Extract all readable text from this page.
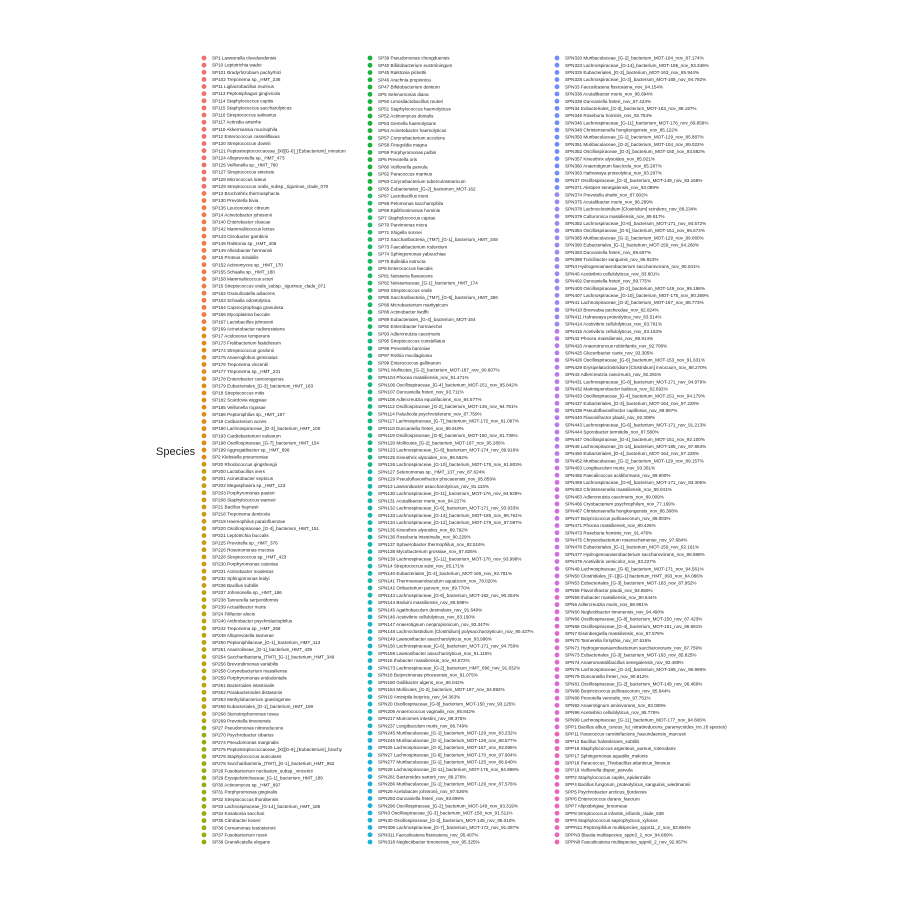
Species
SP1 Lawsonella clevelandensis
SP10 Leptotrichia wadei
SP101 Bradyrhizobium pachyrhizi
SP102 Treponema sp._HMT_236
SP11 Ligilactobacillus murinus
SP113 Peptoniphagus gingivicola
SP114 Staphylococcus capitis
SP115 Staphylococcus saccharolyticus
SP116 Streptococcus salivarius
SP117 Actinidia arisinhs
SP118 Akkermansia muciniphila
SP12 Enterococcus casseliflavus
SP120 Streptococcus downii
SP121 Peptostreptococcaceae_[XI][G-6]_[Eubacterium]_minutum
SP124 Alloprevotella sp._HMT_473
SP125 Veillonella sp._HMT_780
SP127 Streptococcus sinensis
SP128 Micrococcus luteus
SP129 Streptococcus oralis_subsp._tigurinus_clade_070
SP13 Brochothrix thermosphacta
SP130 Prevotella bivia
SP135 Leuconostoc citreum
SP14 Acinetobacter johnsonii
SP140 Enterobacter cloacae
SP142 Mammaliicoccus lentus
SP143 Citrobacter gambinii
SP148 Ralstonia sp._HMT_406
SP149 Alloiobacter hermannii
SP15 Proteus mirabilis
SP152 Actinomyces sp._HMT_170
SP155 Schaalia sp._HMT_180
SP158 Mammaliicoccus sciuri
SP16 Streptococcus oralis_subsp._tigurinus_clade_071
SP162 Granulicatella adiacens
SP163 Schaalia odontolytica
SP164 Capnocytophaga granulosa
SP166 Mycoplasma buccale
SP167 Lactobacillus johnsonii
SP169 Acinetobacter radioresistens
SP17 Acidovorax temperans
SP173 Fretibacterium fastidiosum
SP174 Streptococcus gordonii
SP175 Anaeroglobus geminatus
SP176 Treponema vincentii
SP177 Treponema sp._HMT_231
SP178 Enterobacter cancerogenus
SP179 Eubacteriales_[G-3]_bacterium_HMT_163
SP18 Streptococcus mitis
SP182 Scardovia wiggsiae
SP185 Veillonella rogosae
SP186 Peptoniphilus sp._HMT_187
SP19 Cutibacterium acnes
SP190 Lachnospiraceae_[G-3]_bacterium_HMT_100
SP193 Cardiobacterium valvarum
SP198 Oscillospiraceae_[G-7]_bacterium_HMT_154
SP199 Aggregatibacter sp._HMT_898
SP2 Klebsiella pneumoniae
SP20 Rhodococcus qingshengii
SP200 Lactobacillus iners
SP201 Acinetobacter septicus
SP202 Megasphaera sp._HMT_123
SP203 Porphyromonas pasteri
SP208 Staphylococcus warneri
SP21 Bacillus haynesii
SP218 Treponema denticola
SP219 Haemophilus parainfluenzae
SP220 Oscillospiraceae_[G-4]_bacterium_HMT_151
SP221 Leptotrichia buccalis
SP225 Prevotella sp._HMT_376
SP226 Rosenomonas mucosa
SP228 Streptococcus sp._HMT_423
SP230 Porphyromonas catoniae
SP231 Actinobacter modestus
SP232 Sphingomonas leidyi
SP236 Bacillus subtilis
SP237 Johnsonella sp._HMT_166
SP238 Tannerella serpentiformis
SP239 Actualibacter muris
SP24 Filifactor alocis
SP240 Anthrobacter psychrolactophilus
SP242 Treponema sp._HMT_268
SP248 Alloprevotella tannerae
SP250 Peptoniphilaceae_[G-1]_bacterium_HMT_113
SP251 Anaerolineae_[G-1]_bacterium_HMT_439
SP254 Saccharibacteria_(TM7)_[G-1]_bacterium_HMT_349
SP256 Brevundimonas variabilis
SP258 Corynebacterium massiliense
SP259 Porphyromonas endodontalis
SP261 Bacteroides intestinalis
SP262 Parabacteroides distasonis
SP263 Methylobacterium goesingense
SP266 Eubacteriales_[G-1]_bacterium_HMT_159
SP268 Stenotrophomonas rosea
SP269 Prevotella timonensis
SP27 Pseudomonas nitroreducens
SP270 Psychrobacter cibarius
SP274 Pseudomonas marginalis
SP275 Peptostreptococcaceae_[XI][G-9]_[Eubacterium]_brachy
SP276 Staphylococcus auricularis
SP278 Saccharibacteria_(TM7)_[G-1]_bacterium_HMT_952
SP28 Fusobacterium nucleatum_subsp._vincentii
SP29 Erysipelotrichaceae_[G-1]_bacterium_HMT_189
SP30 Actinomyces sp._HMT_897
SP31 Porphyromonas gingivalis
SP32 Streptococcus thoraltensis
SP33 Lachnospiraceae_[G-14]_bacterium_HMT_185
SP34 Kosakonia sacchari
SP35 Citrobacter koseri
SP36 Comamonas testosteroni
SP37 Fusobacterium russii
SP38 Granulicatella elegans
SP39 Pseudomonas chengduensis
SP40 Bifidobacterium eustroloingum
SP45 Ralstonia pickettii
SP46 Arachnia propionica
SP47 Bifidobacterium dentium
SP5 Selenomonas diana
SP50 Limosilactobacillus reuteri
SP51 Staphylococcus haemolyticus
SP52 Actinomyces dentalis
SP53 Gemella haemolysans
SP54 Acinetobacter haemolyticus
SP57 Corynebacterium accolens
SP58 Finegoldia magna
SP59 Porphyromonas pulbis
SP6 Prevotella oris
SP60 Veillonella parvula
SP62 Paracoccus marinus
SP63 Corynebacterium tuberculostearicum
SP65 Eubacteriales_[G-2]_bacterium_MOT-162
SP67 Lactobacillus iners
SP68 Pelomonas saccharophila
SP69 Epilithonimonas hominis
SP7 Staphylococcus caprae
SP70 Parvimonas micra
SP71 Shigella sonnei
SP72 Saccharibacteria_(TM7)_[G-1]_bacterium_HMT_348
SP73 Faecalibacterium rodentium
SP74 Sphingomonas yabuuchiae
SP75 Bulleidia extructa
SP8 Enterococcus faecalis
SP81 Neisseria flavescens
SP82 Neisseriaceae_[G-1]_bacterium_HMT_174
SP83 Streptococcus oralis
SP85 Saccharibacteria_(TM7)_[G-5]_bacterium_HMT_356
SP86 Microbacterium maritypicum
SP88 Actinobacter lwoffii
SP89 Eubacteriales_[G-4]_bacterium_MOT-164
SP92 Enterobacter hormaechei
SP93 Adlercreutzia caecimuris
SP95 Streptococcus constellatus
SP96 Prevotella baroniae
SP97 Rothia mucilaginosa
SP99 Enterococcus gallinarum
SPN1 Mollicutes_[G-2]_bacterium_MOT-187_nov_90.607%
SPN104 Phocea massiliensis_nov_91.471%
SPN106 Oscillospiraceae_[G-4]_bacterium_MOT-151_nov_95.842%
SPN107 Duncaniella freteri_nov_93.711%
SPN108 Adlercreutzia equolifaciens_nov_94.577%
SPN112 Oscillospiraceae_[G-2]_bacterium_MOT-149_nov_94.781%
SPN114 Paludicola psychrotolerans_nov_87.759%
SPN117 Lachnospiraceae_[G-7]_bacterium_MOT-172_nov_91.097%
SPN118 Duncaniella freteri_nov_89.919%
SPN119 Oscillospiraceae_[G-8]_bacterium_MOT-150_nov_91.736%
SPN120 Mollicutes_[G-2]_bacterium_MOT-187_nov_95.285%
SPN123 Lachnospiraceae_[G-8]_bacterium_MOT-174_nov_89.916%
SPN125 Kineothrix alysoides_nov_89.562%
SPN126 Lachnospiraceae_[G-10]_bacterium_MOT-175_nov_91.803%
SPN127 Selenomonas sp._HMT_137_nov_87.624%
SPN129 Pseudoflavonifractor phocaeensis_nov_95.859%
SPN13 Lawsonibacter asaccharolyticus_nov_91.116%
SPN130 Lachnospiraceae_[G-11]_bacterium_MOT-176_nov_94.929%
SPN131 Acutalibacter muris_nov_94.227%
SPN132 Lachnospiraceae_[G-6]_bacterium_MOT-171_nov_93.933%
SPN133 Lachnospiraceae_[G-14]_bacterium_MOT-185_nov_96.761%
SPN134 Lachnospiraceae_[G-12]_bacterium_MOT-179_nov_87.097%
SPN135 Kineothrix alysoides_nov_89.792%
SPN136 Roseburia intestinalis_nov_90.229%
SPN137 Sphaerobacter thermophilus_nov_82.516%
SPN138 Mycobacterium grossiae_nov_87.826%
SPN139 Lachnospiraceae_[G-11]_bacterium_MOT-176_nov_93.998%
SPN14 Streptococcus suisi_nov_95.171%
SPN140 Eubacteriales_[G-4]_bacterium_MOT-165_nov_92.781%
SPN141 Thermoanaerobaculum aquaticum_nov_78.020%
SPN142 Oribacterium parvum_nov_89.770%
SPN143 Lachnospiraceae_[G-6]_bacterium_MOT-182_nov_90.254%
SPN144 Beduini massiliensis_nov_88.598%
SPN145 Agathobaculum desmolans_nov_91.649%
SPN146 Acetivibrio cellulolyticus_nov_83.190%
SPN147 Anaerotignum neopropionicum_nov_93.347%
SPN148 Lachnoclostridium [Clostridium] polysaccharolyticum_nov_90.437%
SPN149 Lawsonibacter asaccharolyticus_nov_93.996%
SPN150 Lachnospiraceae_[G-6]_bacterium_MOT-171_nov_94.759%
SPN159 Lawsonibacter asaccharolyticus_nov_91.116%
SPN16 Ihubacter massiliensis_nov_94.572%
SPN173 Lachnospiraceae_[G-2]_bacterium_HMT_096_nov_91.632%
SPN18 Butyricimonas phoceensis_nov_91.075%
SPN180 Gallibacter algens_nov_86.042%
SPN184 Mollicutes_[G-2]_bacterium_MOT-187_nov_94.892%
SPN19 Aminipila butyrica_nov_94.363%
SPN20 Oscillospiraceae_[G-8]_bacterium_MOT-150_nov_93.125%
SPN206 Anaerococcus vaginalis_nov_86.842%
SPN217 Muricomes intestini_nov_89.375%
SPN237 Longibaculum muris_nov_86.749%
SPN245 Muribaculaceae_[G-1]_bacterium_MOT-129_nov_83.232%
SPN246 Muribaculaceae_[G-1]_bacterium_MOT-129_nov_88.577%
SPN25 Lachnospiraceae_[G-2]_bacterium_MOT-167_nov_93.096%
SPN27 Lachnospiraceae_[G-6]_bacterium_MOT-170_nov_97.904%
SPN277 Muribaculaceae_[G-1]_bacterium_MOT-125_nov_86.640%
SPN28 Lachnospiraceae_[G-11]_bacterium_MOT-176_nov_94.898%
SPN281 Bacteroides sartorii_nov_89.276%
SPN286 Muribaculaceae_[G-1]_bacterium_MOT-129_nov_87.576%
SPN29 Acetobacter johnsonii_nov_97.526%
SPN293 Duncaniella freteri_nov_93.699%
SPN296 Oscillospiraceae_[G-2]_bacterium_MOT-149_nov_93.319%
SPN3 Oscillospiraceae_[G-3]_bacterium_MOT-150_nov_91.511%
SPN30 Oscillospiraceae_[G-2]_bacterium_MOT-149_nov_95.010%
SPN306 Lachnospiraceae_[G-7]_bacterium_MOT-172_nov_91.097%
SPN311 Faecalicatena fissicatena_nov_95.407%
SPN318 Neglectibacter timonensis_nov_95.325%
SPN320 Muribaculaceae_[G-2]_bacterium_MOT-104_nov_87.174%
SPN323 Lachnospiraceae_[G-14]_bacterium_MOT-185_nov_93.346%
SPN325 Eubacteriales_[G-3]_bacterium_MOT-163_nov_85.944%
SPN328 Lachnospiraceae_[G-3]_bacterium_MOT-168_nov_94.792%
SPN33 Faecalicatena fissicatena_nov_94.154%
SPN336 Acutalibacter muris_nov_96.694%
SPN339 Duncaniella freteri_nov_87.424%
SPN34 Eubacteriales_[G-3]_bacterium_MOT-163_nov_89.157%
SPN345 Roseburia hominis_nov_92.754%
SPN346 Lachnospiraceae_[G-11]_bacterium_MOT-176_nov_89.858%
SPN348 Christensenella hongkongensis_nov_85.122%
SPN350 Muribaculaceae_[G-1]_bacterium_MOT-129_nov_85.887%
SPN351 Muribaculaceae_[G-2]_bacterium_MOT-104_nov_89.022%
SPN352 Oscillospiraceae_[G-3]_bacterium_MOT-150_nov_93.582%
SPN357 Kineothrix alysoides_nov_85.921%
SPN360 Anaerotignum faecicola_nov_85.287%
SPN363 Hafnewaya proteolytica_nov_83.297%
SPN37 Oscillospiraceae_[G-2]_bacterium_MOT-149_nov_93.168%
SPN371 Alistipes senegalensis_nov_93.089%
SPN374 Prevotella shahii_nov_87.602%
SPN375 Acutalibacter muris_nov_96.289%
SPN378 Lachnoclostridium [Clostridium] scindens_nov_89.234%
SPN379 Culturomica massiliensis_nov_89.817%
SPN382 Lachnospiraceae_[G-6]_bacterium_MOT-171_nov_94.572%
SPN384 Oscillospiraceae_[G-5]_bacterium_MOT-151_nov_96.674%
SPN385 Muribaculaceae_[G-1]_bacterium_MOT-129_nov_89.060%
SPN390 Eubacteriales_[G-1]_bacterium_MOT-159_nov_94.268%
SPN393 Duncaniella freteri_nov_89.667%
SPN398 Turicibacter sanguinis_nov_95.923%
SPN4 Hydrogenoanaerobacterium saccharovorans_nov_90.041%
SPN40 Acetivibrio cellulolyticus_nov_83.801%
SPN402 Duncaniella freteri_nov_89.775%
SPN403 Oscillospiraceae_[G-2]_bacterium_MOT-149_nov_95.198%
SPN407 Lachnospiraceae_[G-10]_bacterium_MOT-175_nov_90.369%
SPN41 Lachnospiraceae_[G-2]_bacterium_MOT-167_nov_88.773%
SPN410 Bnorvabia pacheodae_nov_82.824%
SPN411 Hafnewaya proteolytica_nov_83.514%
SPN414 Acetivibrio cellulolyticus_nov_83.761%
SPN416 Acetivibrio cellulolyticus_nov_83.153%
SPN42 Phocea massiliensis_nov_89.914%
SPN420 Anaerotruncus rubiinfantis_nov_92.708%
SPN425 Gluceribacter canis_nov_93.305%
SPN426 Oscillospiraceae_[G-6]_bacterium_MOT-153_nov_91.631%
SPN429 Erysipelatoclostridium [Clostridium] innocuum_nov_88.270%
SPN43 Adlercreutzia caecimuris_nov_92.291%
SPN431 Lachnospiraceae_[G-6]_bacterium_MOT-171_nov_94.979%
SPN432 Marinisporobacter balticus_nov_82.692%
SPN433 Oscillospiraceae_[G-4]_bacterium_MOT-151_nov_94.179%
SPN437 Eubacteriales_[G-3]_bacterium_MOT-164_nov_97.228%
SPN438 Pseudoflavonifractor capillosus_nov_89.897%
SPN440 Flavonifractor plautii_nov_92.308%
SPN443 Lachnospiraceae_[G-6]_bacterium_MOT-171_nov_91.213%
SPN444 Sporobacter termitidis_nov_87.580%
SPN447 Oscillospiraceae_[G-4]_bacterium_MOT-151_nov_92.100%
SPN45 Lachnospiraceae_[G-14]_bacterium_MOT-185_nov_97.854%
SPN450 Eubacteriales_[G-4]_bacterium_MOT-164_nov_97.228%
SPN452 Muribaculaceae_[G-1]_bacterium_MOT-129_nov_89.157%
SPN453 Longibaculum muris_nov_93.361%
SPN455 Faecalicoccus acidiformans_nov_89.600%
SPN459 Lachnospiraceae_[G-6]_bacterium_MOT-171_nov_93.305%
SPN462 Christensenella massiliensis_nov_89.041%
SPN463 Adlercreutzia caecimuris_nov_89.009%
SPN466 Cryobacterium psychrophilum_nov_77.169%
SPN467 Christensenella hongkongensis_nov_86.308%
SPN47 Butyricicoccus pullicaecorum_nov_89.003%
SPN471 Phocea massiliensis_nov_90.426%
SPN473 Roseburia hominis_nov_91.476%
SPN475 Chryseobacterium rosenscheinense_nov_97.684%
SPN476 Eubacteriales_[G-1]_bacterium_MOT-159_nov_92.161%
SPN477 Hydrogenoanaerobacterium saccharovorans_nov_88.589%
SPN479 Acetivibrio versicolor_nov_83.227%
SPN49 Lachnospiraceae_[G-6]_bacterium_MOT-171_nov_94.561%
SPN50 Clostridiales_[F-1][G-1] bacterium_HMT_093_nov_84.086%
SPN53 Eubacteriales_[G-3]_bacterium_MOT-163_nov_87.952%
SPN56 Flavonifractor plautii_nov_93.555%
SPN59 Ihubacter massiliensis_nov_90.644%
SPN6 Adlercreutzia muris_nov_88.961%
SPN60 Neglectibacter timonensis_nov_94.490%
SPN66 Oscillospiraceae_[G-8]_bacterium_MOT-150_nov_87.423%
SPN68 Oscillospiraceae_[G-4]_bacterium_MOT-151_nov_96.881%
SPN7 Eisenbergiella massiliensis_nov_87.578%
SPN70 Tannerella forsythia_nov_87.516%
SPN71 Hydrogenoanaerobacterium saccharovorans_nov_87.759%
SPN73 Eubacteriales_[G-3]_bacterium_MOT-163_nov_85.825%
SPN74 Anaeromassilibacillus senegalensis_nov_92.489%
SPN76 Lachnospiraceae_[G-14]_bacterium_MOT-185_nov_96.996%
SPN79 Duncaniella freteri_nov_90.612%
SPN81 Oscillospiraceae_[G-2]_bacterium_MOT-149_nov_96.466%
SPN86 Butyricicoccus pullicaecorum_nov_85.644%
SPN88 Prevotella veroralis_nov_97.751%
SPN92 Anaerotignum aminivorans_nov_93.008%
SPN96 Acetivibrio cellulolyticus_nov_85.776%
SPN99 Lachnospiraceae_[G-11]_bacterium_MOT-177_nov_94.606%
SPP1 Bacillus albus_cereus_lut_nitratireducens_paramycoides_tro..(6 species)
SPP11 Paracoccus carotinifaciens_haeundaensis_marcusii
SPP13 Bacillus halotolerans_subtilis
SPP16 Staphylococcus argenteus_aureus_roterodami
SPP17 Sphingomonas aquatilis_melonis
SPP18 Paracoccus_Thiobacillus atlanticus_limosus
SPP19 Veillonella dispar_parvula
SPP2 Staphylococcus capitis_epidermidis
SPP4 Bacillus fungorum_proteolyticus_sanguinis_wiedmannii
SPP5 Psychrobacter arcticus_fjordensis
SPP6 Enterococcus durans_faecium
SPP7 Aliposbrigiae_broomeae
SPP8 Streptococcus infantis_infantis_clade_638
SPP9 Staphylococcus saprophyticus_xylosus
SPPN11 Peptoniphilus multispecies_sppn11_2_nov_83.864%
SPPN3 Blautia multispecies_sppn3_2_nov_94.669%
SPPN8 Faecalicatena multispecies_sppn8_2_nov_92.067%
